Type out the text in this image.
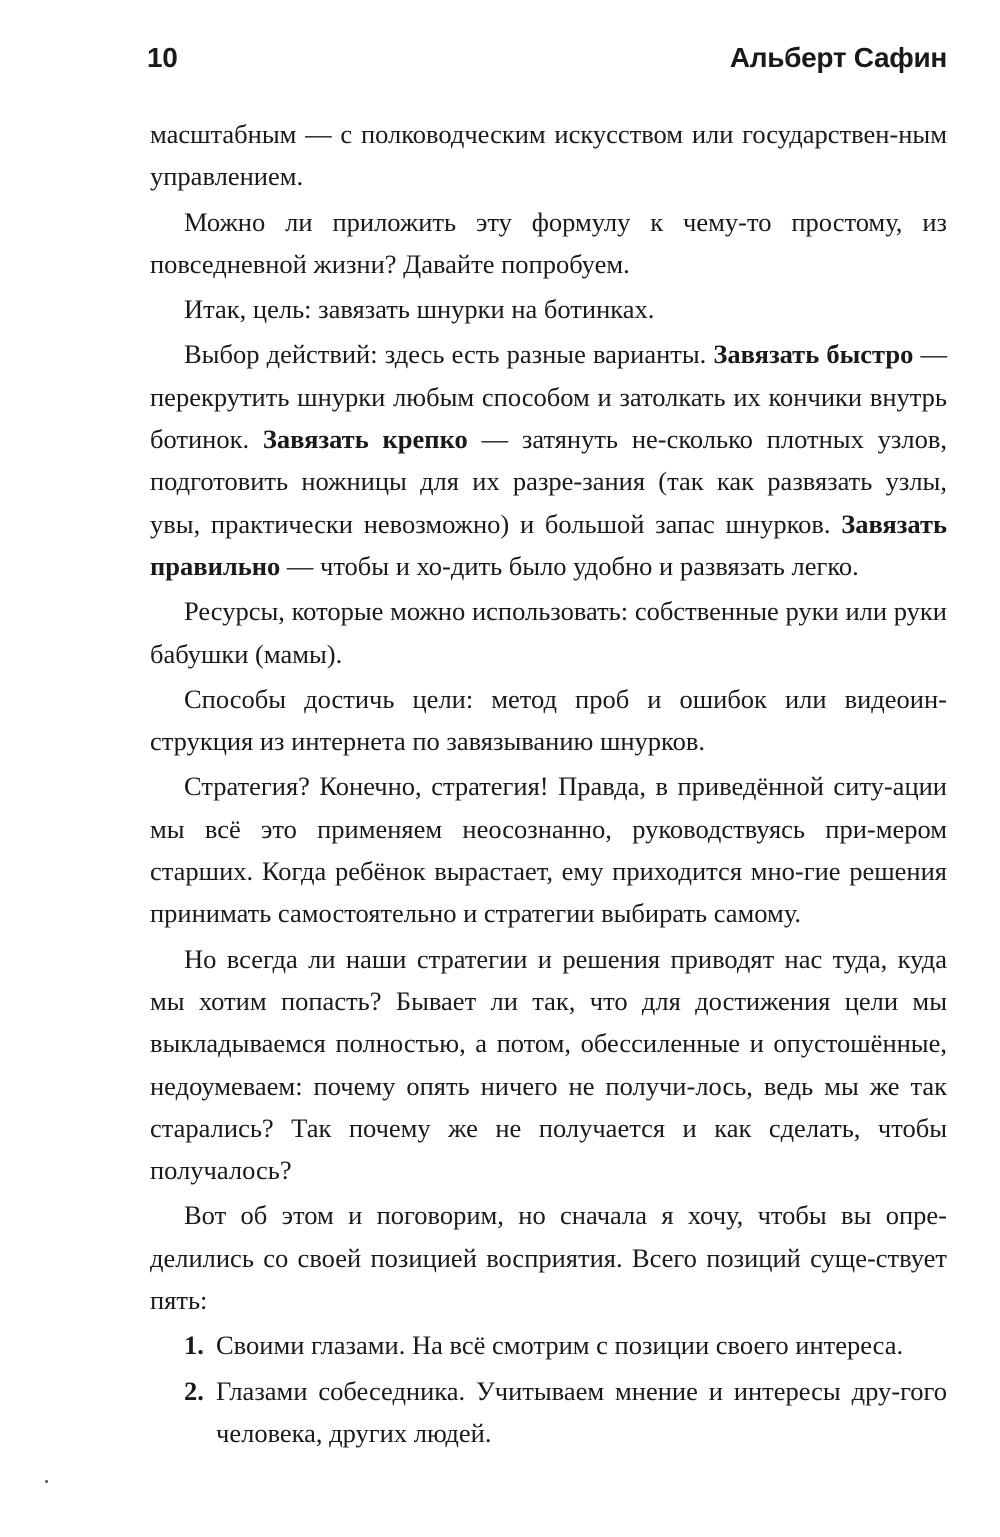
10	Альберт Сафин

масштабным — с полководческим искусством или государствен-ным управлением.

Можно ли приложить эту формулу к чему-то простому, из повседневной жизни? Давайте попробуем.

Итак, цель: завязать шнурки на ботинках.

Выбор действий: здесь есть разные варианты. Завязать быстро — перекрутить шнурки любым способом и затолкать их кончики внутрь ботинок. Завязать крепко — затянуть не-сколько плотных узлов, подготовить ножницы для их разре-зания (так как развязать узлы, увы, практически невозможно) и большой запас шнурков. Завязать правильно — чтобы и хо-дить было удобно и развязать легко.

Ресурсы, которые можно использовать: собственные руки или руки бабушки (мамы).

Способы достичь цели: метод проб и ошибок или видеоин-струкция из интернета по завязыванию шнурков.

Стратегия? Конечно, стратегия! Правда, в приведённой ситу-ации мы всё это применяем неосознанно, руководствуясь при-мером старших. Когда ребёнок вырастает, ему приходится мно-гие решения принимать самостоятельно и стратегии выбирать самому.

Но всегда ли наши стратегии и решения приводят нас туда, куда мы хотим попасть? Бывает ли так, что для достижения цели мы выкладываемся полностью, а потом, обессиленные и опустошённые, недоумеваем: почему опять ничего не получи-лось, ведь мы же так старались? Так почему же не получается и как сделать, чтобы получалось?

Вот об этом и поговорим, но сначала я хочу, чтобы вы опре-делились со своей позицией восприятия. Всего позиций суще-ствует пять:

1. Своими глазами. На всё смотрим с позиции своего интереса.
2. Глазами собеседника. Учитываем мнение и интересы дру-гого человека, других людей.
